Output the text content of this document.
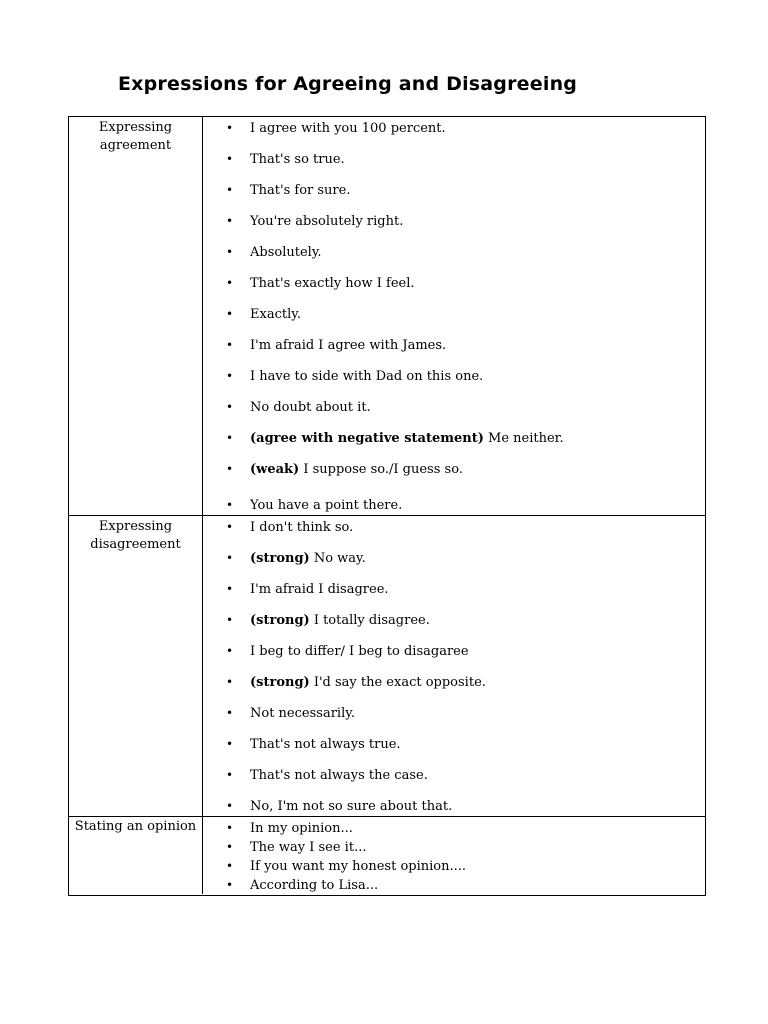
Expressions for Agreeing and Disagreeing
Expressing
agreement
• I agree with you 100 percent.
• That's so true.
• That's for sure.
• You're absolutely right.
• Absolutely.
• That's exactly how I feel.
• Exactly.
• I'm afraid I agree with James.
• I have to side with Dad on this one.
• No doubt about it.
• (agree with negative statement) Me neither.
• (weak) I suppose so./I guess so.
• You have a point there.
Expressing
disagreement
• I don't think so.
• (strong) No way.
• I'm afraid I disagree.
• (strong) I totally disagree.
• I beg to differ/ I beg to disagaree
• (strong) I'd say the exact opposite.
• Not necessarily.
• That's not always true.
• That's not always the case.
• No, I'm not so sure about that.
Stating an opinion	• In my opinion...
• The way I see it...
• If you want my honest opinion....
• According to Lisa...
